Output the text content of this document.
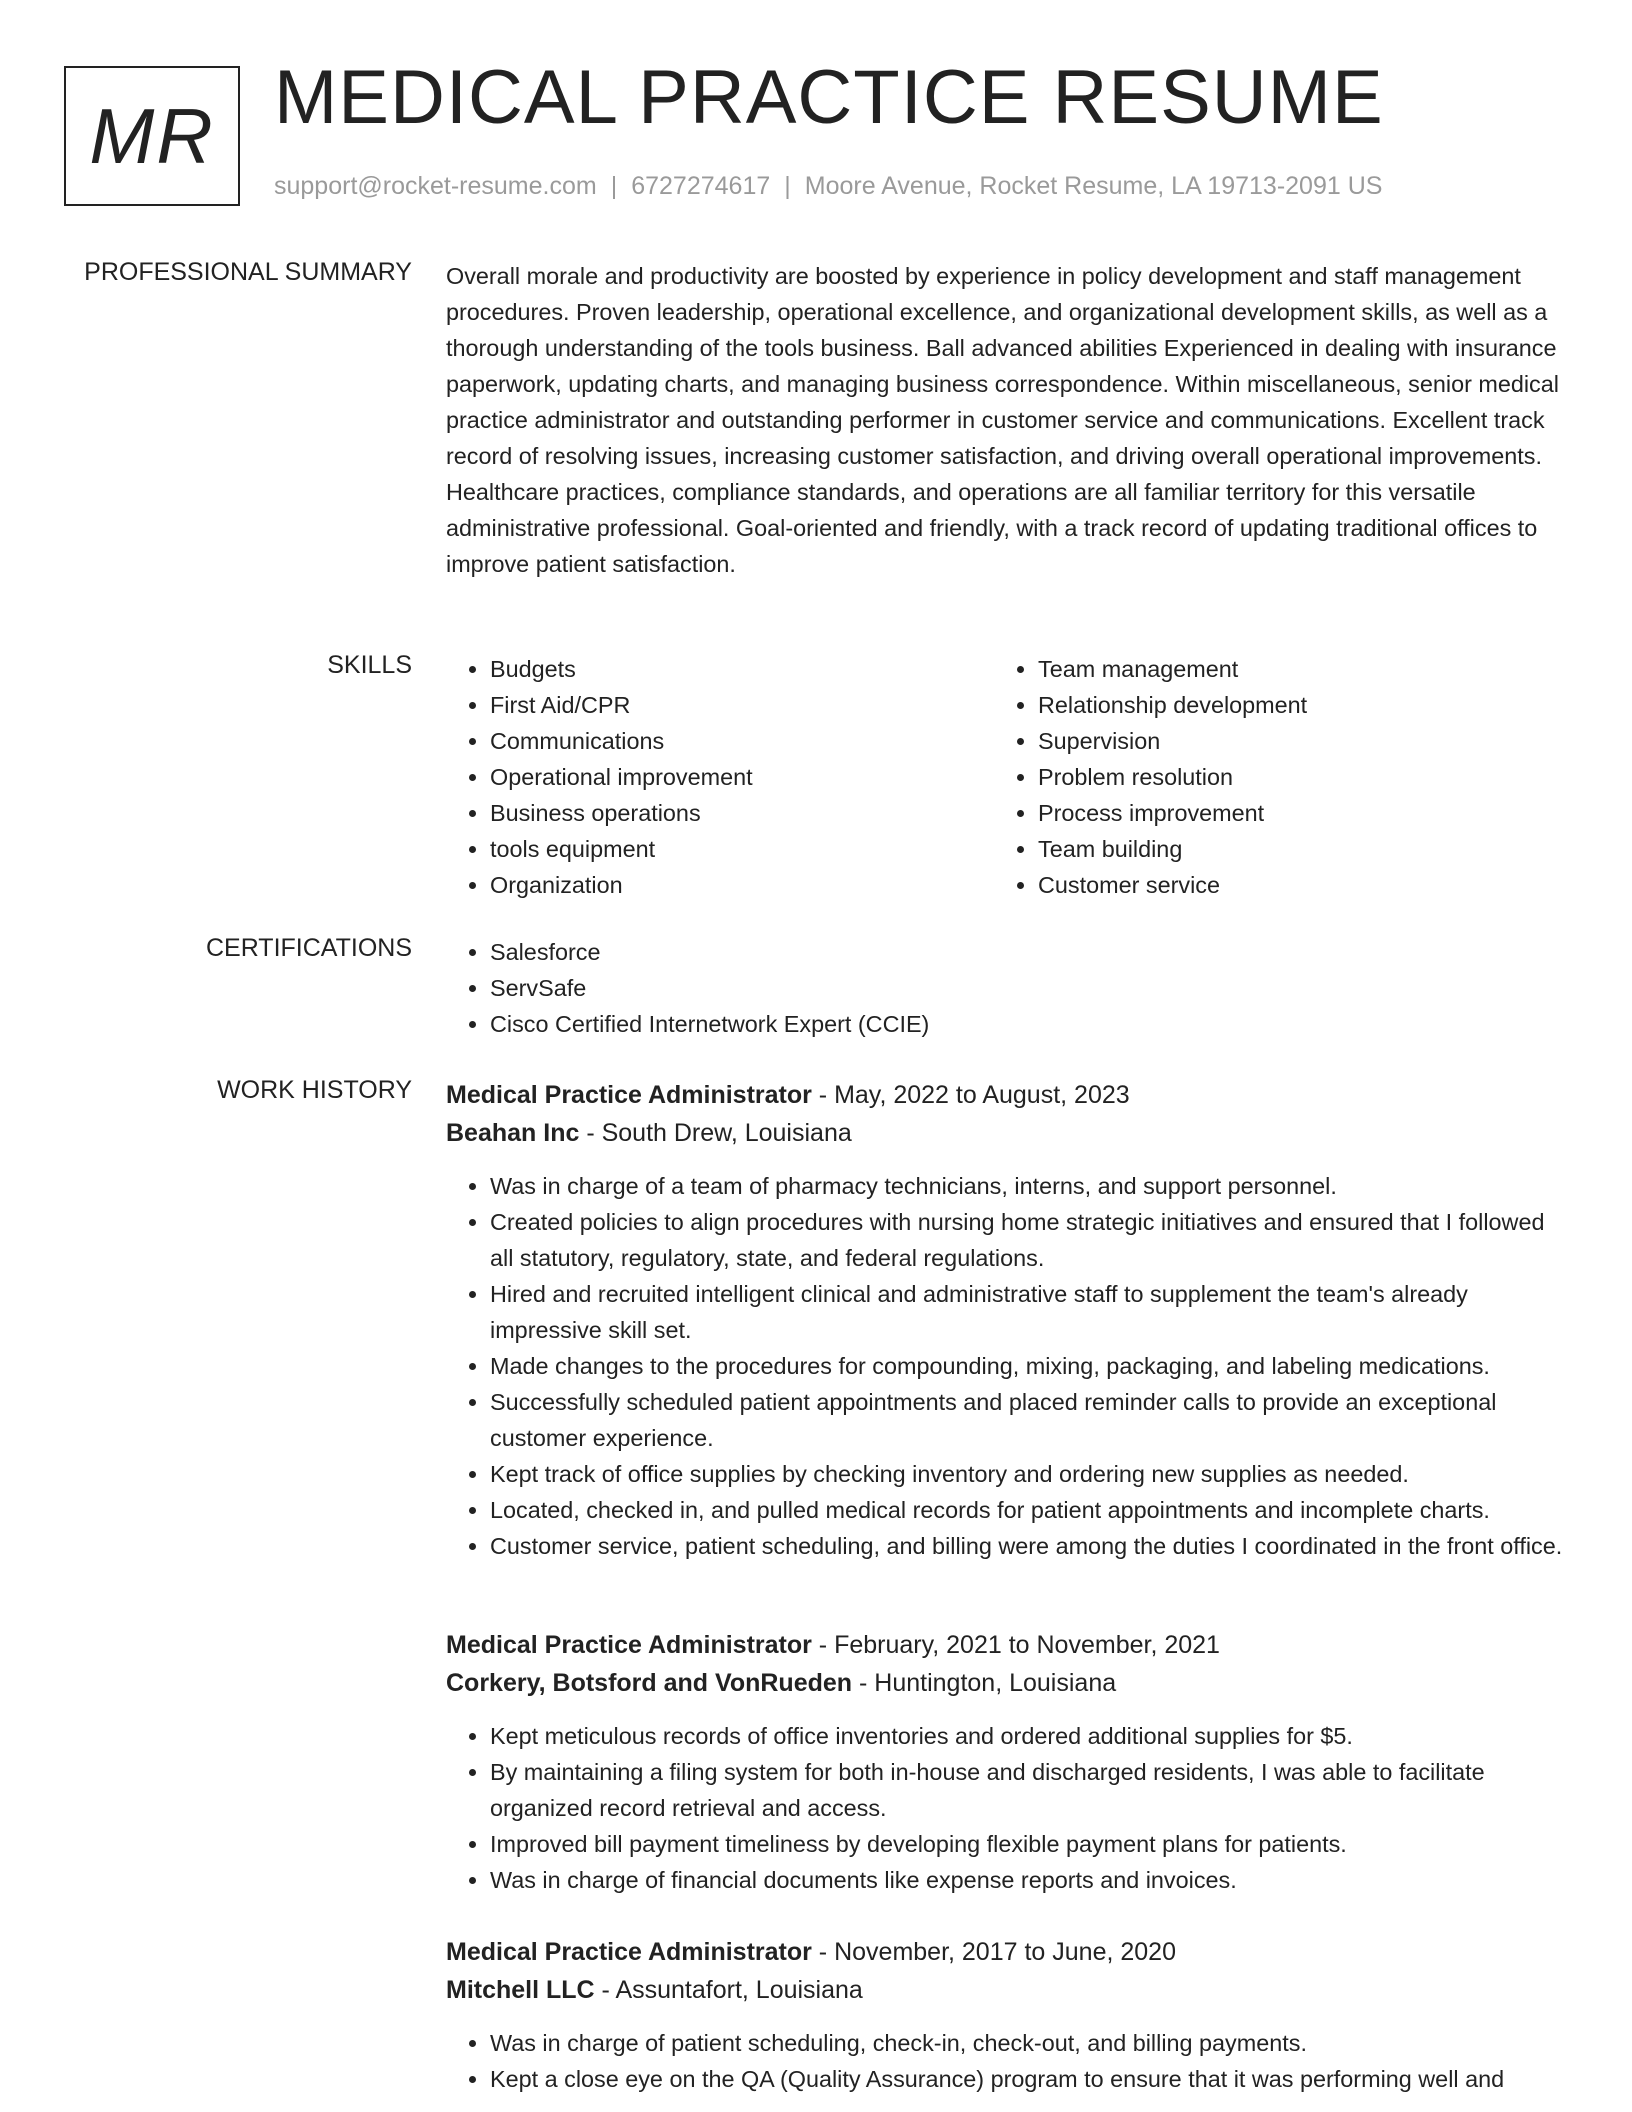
MR MEDICAL PRACTICE RESUME
support@rocket-resume.com | 6727274617 | Moore Avenue, Rocket Resume, LA 19713-2091 US
PROFESSIONAL SUMMARY Overall morale and productivity are boosted by experience in policy development and staff management procedures. Proven leadership, operational excellence, and organizational development skills, as well as a thorough understanding of the tools business. Ball advanced abilities Experienced in dealing with insurance paperwork, updating charts, and managing business correspondence. Within miscellaneous, senior medical practice administrator and outstanding performer in customer service and communications. Excellent track record of resolving issues, increasing customer satisfaction, and driving overall operational improvements. Healthcare practices, compliance standards, and operations are all familiar territory for this versatile administrative professional. Goal-oriented and friendly, with a track record of updating traditional offices to improve patient satisfaction.
SKILLS	• Budgets
• First Aid/CPR
• Communications
• Operational improvement
• Business operations
• tools equipment
• Organization
• Team management
• Relationship development
• Supervision
• Problem resolution
• Process improvement
• Team building
• Customer service
CERTIFICATIONS	• Salesforce
• ServSafe
• Cisco Certified Internetwork Expert (CCIE)
WORK HISTORY Medical Practice Administrator - May, 2022 to August, 2023
Beahan Inc - South Drew, Louisiana
• Was in charge of a team of pharmacy technicians, interns, and support personnel.
• Created policies to align procedures with nursing home strategic initiatives and ensured that I followed all statutory, regulatory, state, and federal regulations.
• Hired and recruited intelligent clinical and administrative staff to supplement the team's already impressive skill set.
• Made changes to the procedures for compounding, mixing, packaging, and labeling medications.
• Successfully scheduled patient appointments and placed reminder calls to provide an exceptional customer experience.
• Kept track of office supplies by checking inventory and ordering new supplies as needed.
• Located, checked in, and pulled medical records for patient appointments and incomplete charts.
• Customer service, patient scheduling, and billing were among the duties I coordinated in the front office.
Medical Practice Administrator - February, 2021 to November, 2021
Corkery, Botsford and VonRueden - Huntington, Louisiana
• Kept meticulous records of office inventories and ordered additional supplies for $5.
• By maintaining a filing system for both in-house and discharged residents, I was able to facilitate organized record retrieval and access.
• Improved bill payment timeliness by developing flexible payment plans for patients.
• Was in charge of financial documents like expense reports and invoices.
Medical Practice Administrator - November, 2017 to June, 2020
Mitchell LLC - Assuntafort, Louisiana
• Was in charge of patient scheduling, check-in, check-out, and billing payments.
• Kept a close eye on the QA (Quality Assurance) program to ensure that it was performing well and
